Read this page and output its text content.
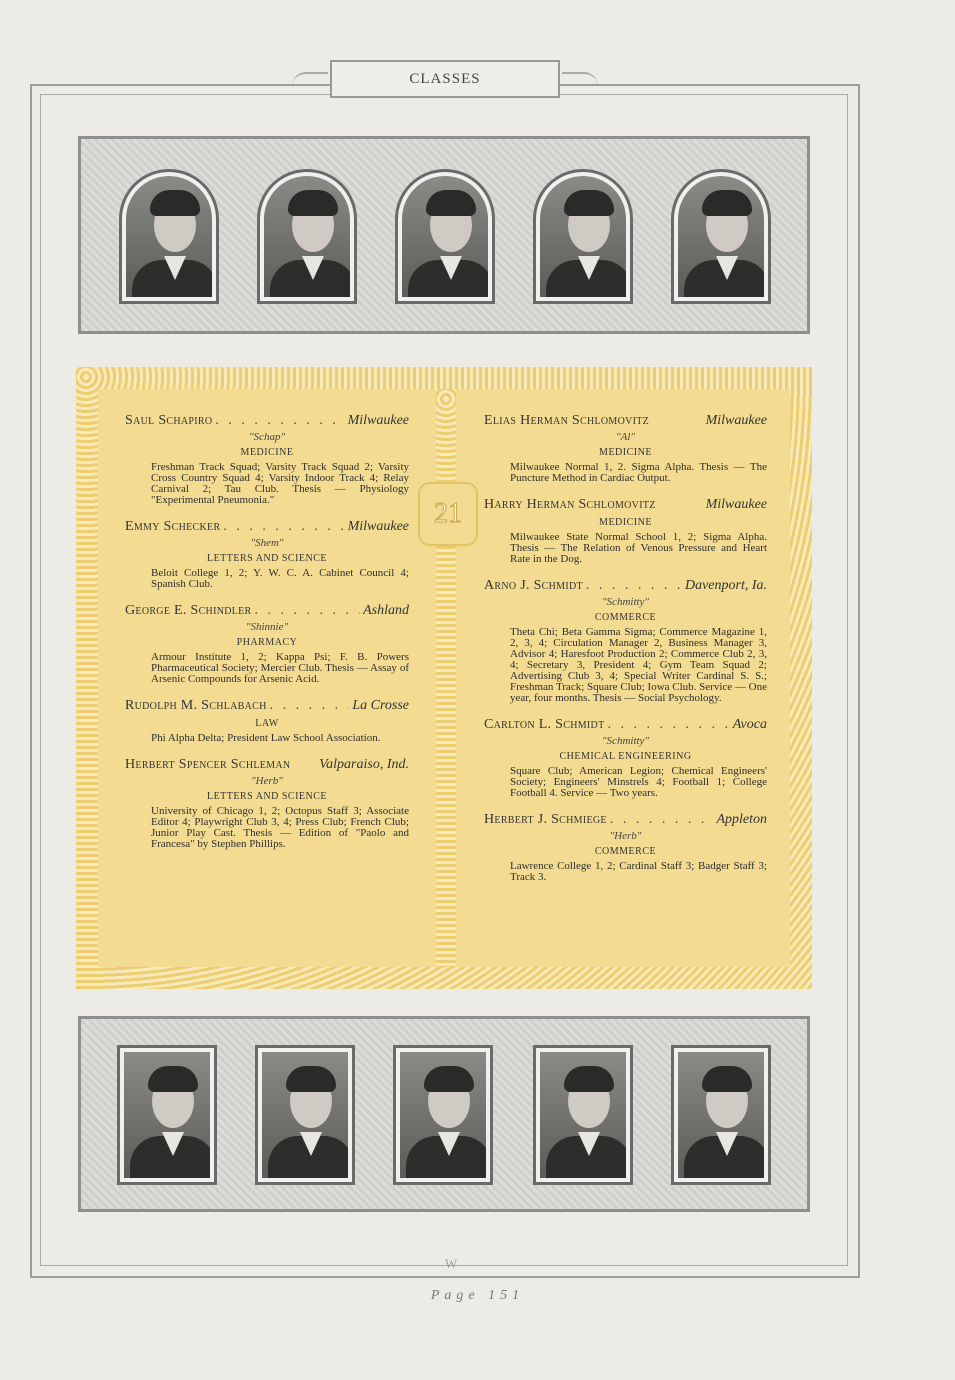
CLASSES
21
Saul Schapiro . . .	Milwaukee
"Schap"
MEDICINE
Freshman Track Squad; Varsity Track Squad 2; Varsity Cross Country Squad 4; Varsity Indoor Track 4; Relay Carnival 2; Tau Club. Thesis — Physiology "Experimental Pneumonia."
Emmy Schecker . . .	Milwaukee
"Shem"
LETTERS AND SCIENCE
Beloit College 1, 2; Y. W. C. A. Cabinet Council 4; Spanish Club.
George E. Schindler . . .	Ashland
"Shinnie"
PHARMACY
Armour Institute 1, 2; Kappa Psi; F. B. Powers Pharmaceutical Society; Mercier Club. Thesis — Assay of Arsenic Compounds for Arsenic Acid.
Rudolph M. Schlabach . . .	La Crosse
LAW
Phi Alpha Delta; President Law School Association.
Herbert Spencer Schleman Valparaiso, Ind.
"Herb"
LETTERS AND SCIENCE
University of Chicago 1, 2; Octopus Staff 3; Associate Editor 4; Playwright Club 3, 4; Press Club; French Club; Junior Play Cast. Thesis — Edition of "Paolo and Francesa" by Stephen Phillips.
Elias Herman Schlomovitz	Milwaukee
"Al"
MEDICINE
Milwaukee Normal 1, 2. Sigma Alpha. Thesis — The Puncture Method in Cardiac Output.
Harry Herman Schlomovitz	Milwaukee
MEDICINE
Milwaukee State Normal School 1, 2; Sigma Alpha. Thesis — The Relation of Venous Pressure and Heart Rate in the Dog.
Arno J. Schmidt . . .	Davenport, Ia.
"Schmitty"
COMMERCE
Theta Chi; Beta Gamma Sigma; Commerce Magazine 1, 2, 3, 4; Circulation Manager 2, Business Manager 3, Advisor 4; Haresfoot Production 2; Commerce Club 2, 3, 4; Secretary 3, President 4; Gym Team Squad 2; Advertising Club 3, 4; Special Writer Cardinal S. S.; Freshman Track; Square Club; Iowa Club. Service — One year, four months. Thesis — Social Psychology.
Carlton L. Schmidt . . .	Avoca
"Schmitty"
CHEMICAL ENGINEERING
Square Club; American Legion; Chemical Engineers' Society; Engineers' Minstrels 4; Football 1; College Football 4. Service — Two years.
Herbert J. Schmiege . . .	Appleton
"Herb"
COMMERCE
Lawrence College 1, 2; Cardinal Staff 3; Badger Staff 3; Track 3.
W
Page 151
